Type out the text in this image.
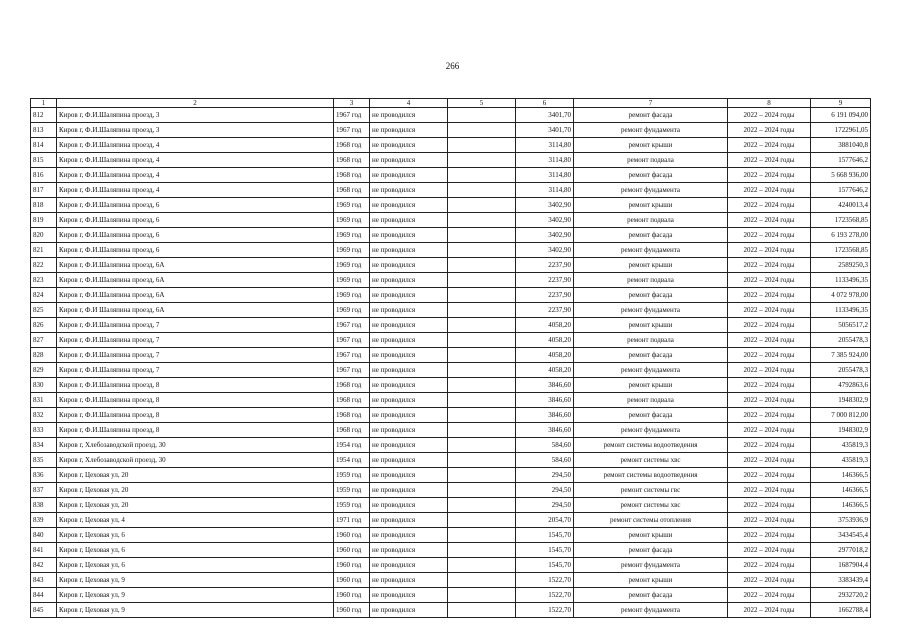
266
1	2	3	4	5	6	7	8	9
812	Киров г, Ф.И.Шаляпина проезд, 3	1967 год	не проводился		3401,70	ремонт фасада	2022 – 2024 годы	6 191 094,00
813	Киров г, Ф.И.Шаляпина проезд, 3	1967 год	не проводился		3401,70	ремонт фундамента	2022 – 2024 годы	1722961,05
814	Киров г, Ф.И.Шаляпина проезд, 4	1968 год	не проводился		3114,80	ремонт крыши	2022 – 2024 годы	3881040,8
815	Киров г, Ф.И.Шаляпина проезд, 4	1968 год	не проводился		3114,80	ремонт подвала	2022 – 2024 годы	1577646,2
816	Киров г, Ф.И.Шаляпина проезд, 4	1968 год	не проводился		3114,80	ремонт фасада	2022 – 2024 годы	5 668 936,00
817	Киров г, Ф.И.Шаляпина проезд, 4	1968 год	не проводился		3114,80	ремонт фундамента	2022 – 2024 годы	1577646,2
818	Киров г, Ф.И.Шаляпина проезд, 6	1969 год	не проводился		3402,90	ремонт крыши	2022 – 2024 годы	4240013,4
819	Киров г, Ф.И.Шаляпина проезд, 6	1969 год	не проводился		3402,90	ремонт подвала	2022 – 2024 годы	1723568,85
820	Киров г, Ф.И.Шаляпина проезд, 6	1969 год	не проводился		3402,90	ремонт фасада	2022 – 2024 годы	6 193 278,00
821	Киров г, Ф.И.Шаляпина проезд, 6	1969 год	не проводился		3402,90	ремонт фундамента	2022 – 2024 годы	1723568,85
822	Киров г, Ф.И.Шаляпина проезд, 6А	1969 год	не проводился		2237,90	ремонт крыши	2022 – 2024 годы	2589250,3
823	Киров г, Ф.И.Шаляпина проезд, 6А	1969 год	не проводился		2237,90	ремонт подвала	2022 – 2024 годы	1133496,35
824	Киров г, Ф.И.Шаляпина проезд, 6А	1969 год	не проводился		2237,90	ремонт фасада	2022 – 2024 годы	4 072 978,00
825	Киров г, Ф.И Шаляпина проезд, 6А	1969 год	не проводился		2237,90	ремонт фундамента	2022 – 2024 годы	1133496,35
826	Киров г, Ф.И.Шаляпина проезд, 7	1967 год	не проводился		4058,20	ремонт крыши	2022 – 2024 годы	5056517,2
827	Киров г, Ф.И.Шаляпина проезд, 7	1967 год	не проводился		4058,20	ремонт подвала	2022 – 2024 годы	2055478,3
828	Киров г, Ф.И.Шаляпина проезд, 7	1967 год	не проводился		4058,20	ремонт фасада	2022 – 2024 годы	7 385 924,00
829	Киров г, Ф.И.Шаляпина проезд, 7	1967 год	не проводился		4058,20	ремонт фундамента	2022 – 2024 годы	2055478,3
830	Киров г, Ф.И.Шаляпина проезд, 8	1968 год	не проводился		3846,60	ремонт крыши	2022 – 2024 годы	4792863,6
831	Киров г, Ф.И.Шаляпина проезд, 8	1968 год	не проводился		3846,60	ремонт подвала	2022 – 2024 годы	1948302,9
832	Киров г, Ф.И.Шаляпина проезд, 8	1968 год	не проводился		3846,60	ремонт фасада	2022 – 2024 годы	7 000 812,00
833	Киров г, Ф.И.Шаляпина проезд, 8	1968 год	не проводился		3846,60	ремонт фундамента	2022 – 2024 годы	1948302,9
834	Киров г, Хлебозаводской проезд, 30	1954 год	не проводился		584,60	ремонт системы водоотведения	2022 – 2024 годы	435819,3
835	Киров г, Хлебозаводской проезд, 30	1954 год	не проводился		584,60	ремонт системы хвс	2022 – 2024 годы	435819,3
836	Киров г, Цеховая ул, 20	1959 год	не проводился		294,50	ремонт системы водоотведения	2022 – 2024 годы	146366,5
837	Киров г, Цеховая ул, 20	1959 год	не проводился		294,50	ремонт системы гвс	2022 – 2024 годы	146366,5
838	Киров г, Цеховая ул, 20	1959 год	не проводился		294,50	ремонт системы хвс	2022 – 2024 годы	146366,5
839	Киров г, Цеховая ул, 4	1971 год	не проводился		2054,70	ремонт системы отопления	2022 – 2024 годы	3753936,9
840	Киров г, Цеховая ул, 6	1960 год	не проводился		1545,70	ремонт крыши	2022 – 2024 годы	3434545,4
841	Киров г, Цеховая ул, 6	1960 год	не проводился		1545,70	ремонт фасада	2022 – 2024 годы	2977018,2
842	Киров г, Цеховая ул, 6	1960 год	не проводился		1545,70	ремонт фундамента	2022 – 2024 годы	1687904,4
843	Киров г, Цеховая ул, 9	1960 год	не проводился		1522,70	ремонт крыши	2022 – 2024 годы	3383439,4
844	Киров г, Цеховая ул, 9	1960 год	не проводился		1522,70	ремонт фасада	2022 – 2024 годы	2932720,2
845	Киров г, Цеховая ул, 9	1960 год	не проводился		1522,70	ремонт фундамента	2022 – 2024 годы	1662788,4
